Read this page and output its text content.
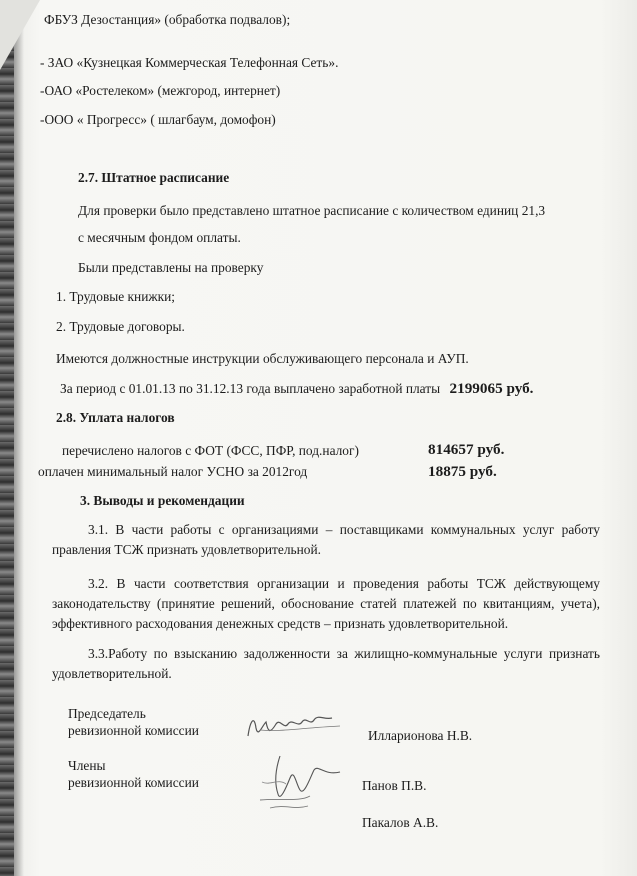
ФБУЗ Дезостанция» (обработка подвалов);
- ЗАО «Кузнецкая Коммерческая Телефонная Сеть».
-ОАО «Ростелеком» (межгород, интернет)
-ООО « Прогресс» ( шлагбаум, домофон)
2.7. Штатное расписание
Для проверки было представлено штатное расписание с количеством единиц 21,3
с месячным фондом оплаты.
Были представлены на проверку
1. Трудовые книжки;
2. Трудовые договоры.
Имеются должностные инструкции обслуживающего персонала и АУП.
За период с 01.01.13 по 31.12.13 года выплачено заработной платы 2199065 руб.
2.8. Уплата налогов
перечислено налогов с ФОТ (ФСС, ПФР, под.налог)	814657 руб.
оплачен минимальный налог УСНО за 2012год	18875 руб.
3. Выводы и рекомендации
3.1. В части работы с организациями – поставщиками коммунальных услуг работу правления ТСЖ признать удовлетворительной.
3.2. В части соответствия организации и проведения работы ТСЖ действующему законодательству (принятие решений, обоснование статей платежей по квитанциям, учета), эффективного расходования денежных средств – признать удовлетворительной.
3.3.Работу по взысканию задолженности за жилищно-коммунальные услуги признать удовлетворительной.
Председатель
ревизионной комиссии	Илларионова Н.В.
Члены
ревизионной комиссии	Панов П.В.
Пакалов А.В.
